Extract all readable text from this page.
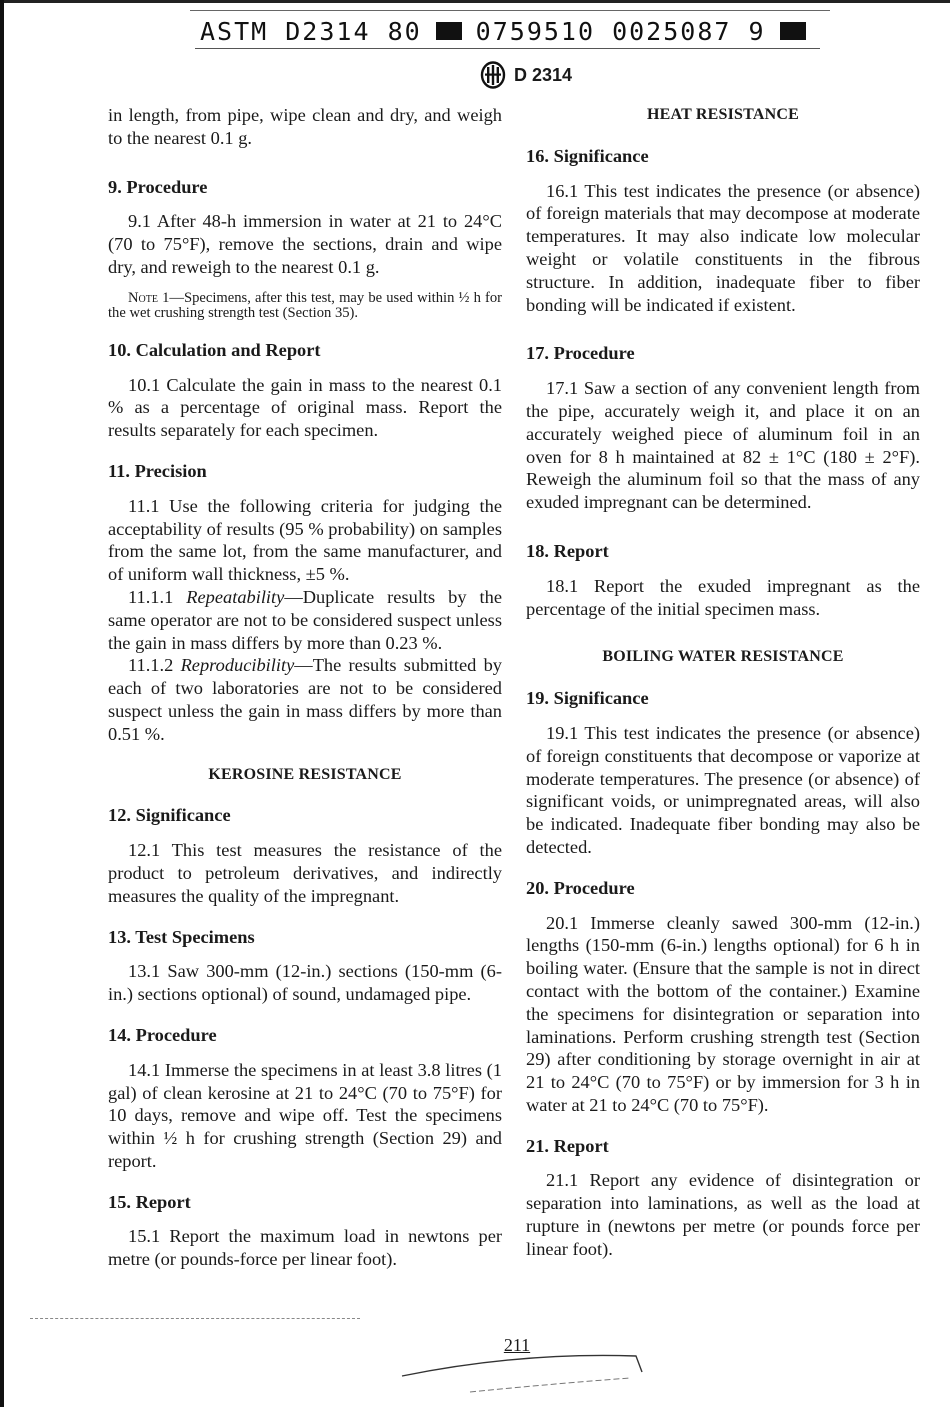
ASTM D2314 80 0759510 0025087 9
D 2314

in length, from pipe, wipe clean and dry, and weigh to the nearest 0.1 g.

9. Procedure

9.1 After 48-h immersion in water at 21 to 24°C (70 to 75°F), remove the sections, drain and wipe dry, and reweigh to the nearest 0.1 g.

Note 1—Specimens, after this test, may be used within ½ h for the wet crushing strength test (Section 35).

10. Calculation and Report

10.1 Calculate the gain in mass to the nearest 0.1 % as a percentage of original mass. Report the results separately for each specimen.

11. Precision

11.1 Use the following criteria for judging the acceptability of results (95 % probability) on samples from the same lot, from the same manufacturer, and of uniform wall thickness, ±5 %.

11.1.1 Repeatability—Duplicate results by the same operator are not to be considered suspect unless the gain in mass differs by more than 0.23 %.

11.1.2 Reproducibility—The results submitted by each of two laboratories are not to be considered suspect unless the gain in mass differs by more than 0.51 %.

KEROSINE RESISTANCE

12. Significance

12.1 This test measures the resistance of the product to petroleum derivatives, and indirectly measures the quality of the impregnant.

13. Test Specimens

13.1 Saw 300-mm (12-in.) sections (150-mm (6-in.) sections optional) of sound, undamaged pipe.

14. Procedure

14.1 Immerse the specimens in at least 3.8 litres (1 gal) of clean kerosine at 21 to 24°C (70 to 75°F) for 10 days, remove and wipe off. Test the specimens within ½ h for crushing strength (Section 29) and report.

15. Report

15.1 Report the maximum load in newtons per metre (or pounds-force per linear foot).

HEAT RESISTANCE

16. Significance

16.1 This test indicates the presence (or absence) of foreign materials that may decompose at moderate temperatures. It may also indicate low molecular weight or volatile constituents in the fibrous structure. In addition, inadequate fiber to fiber bonding will be indicated if existent.

17. Procedure

17.1 Saw a section of any convenient length from the pipe, accurately weigh it, and place it on an accurately weighed piece of aluminum foil in an oven for 8 h maintained at 82 ± 1°C (180 ± 2°F). Reweigh the aluminum foil so that the mass of any exuded impregnant can be determined.

18. Report

18.1 Report the exuded impregnant as the percentage of the initial specimen mass.

BOILING WATER RESISTANCE

19. Significance

19.1 This test indicates the presence (or absence) of foreign constituents that decompose or vaporize at moderate temperatures. The presence (or absence) of significant voids, or unimpregnated areas, will also be indicated. Inadequate fiber bonding may also be detected.

20. Procedure

20.1 Immerse cleanly sawed 300-mm (12-in.) lengths (150-mm (6-in.) lengths optional) for 6 h in boiling water. (Ensure that the sample is not in direct contact with the bottom of the container.) Examine the specimens for disintegration or separation into laminations. Perform crushing strength test (Section 29) after conditioning by storage overnight in air at 21 to 24°C (70 to 75°F) or by immersion for 3 h in water at 21 to 24°C (70 to 75°F).

21. Report

21.1 Report any evidence of disintegration or separation into laminations, as well as the load at rupture in (newtons per metre (or pounds force per linear foot).

211
